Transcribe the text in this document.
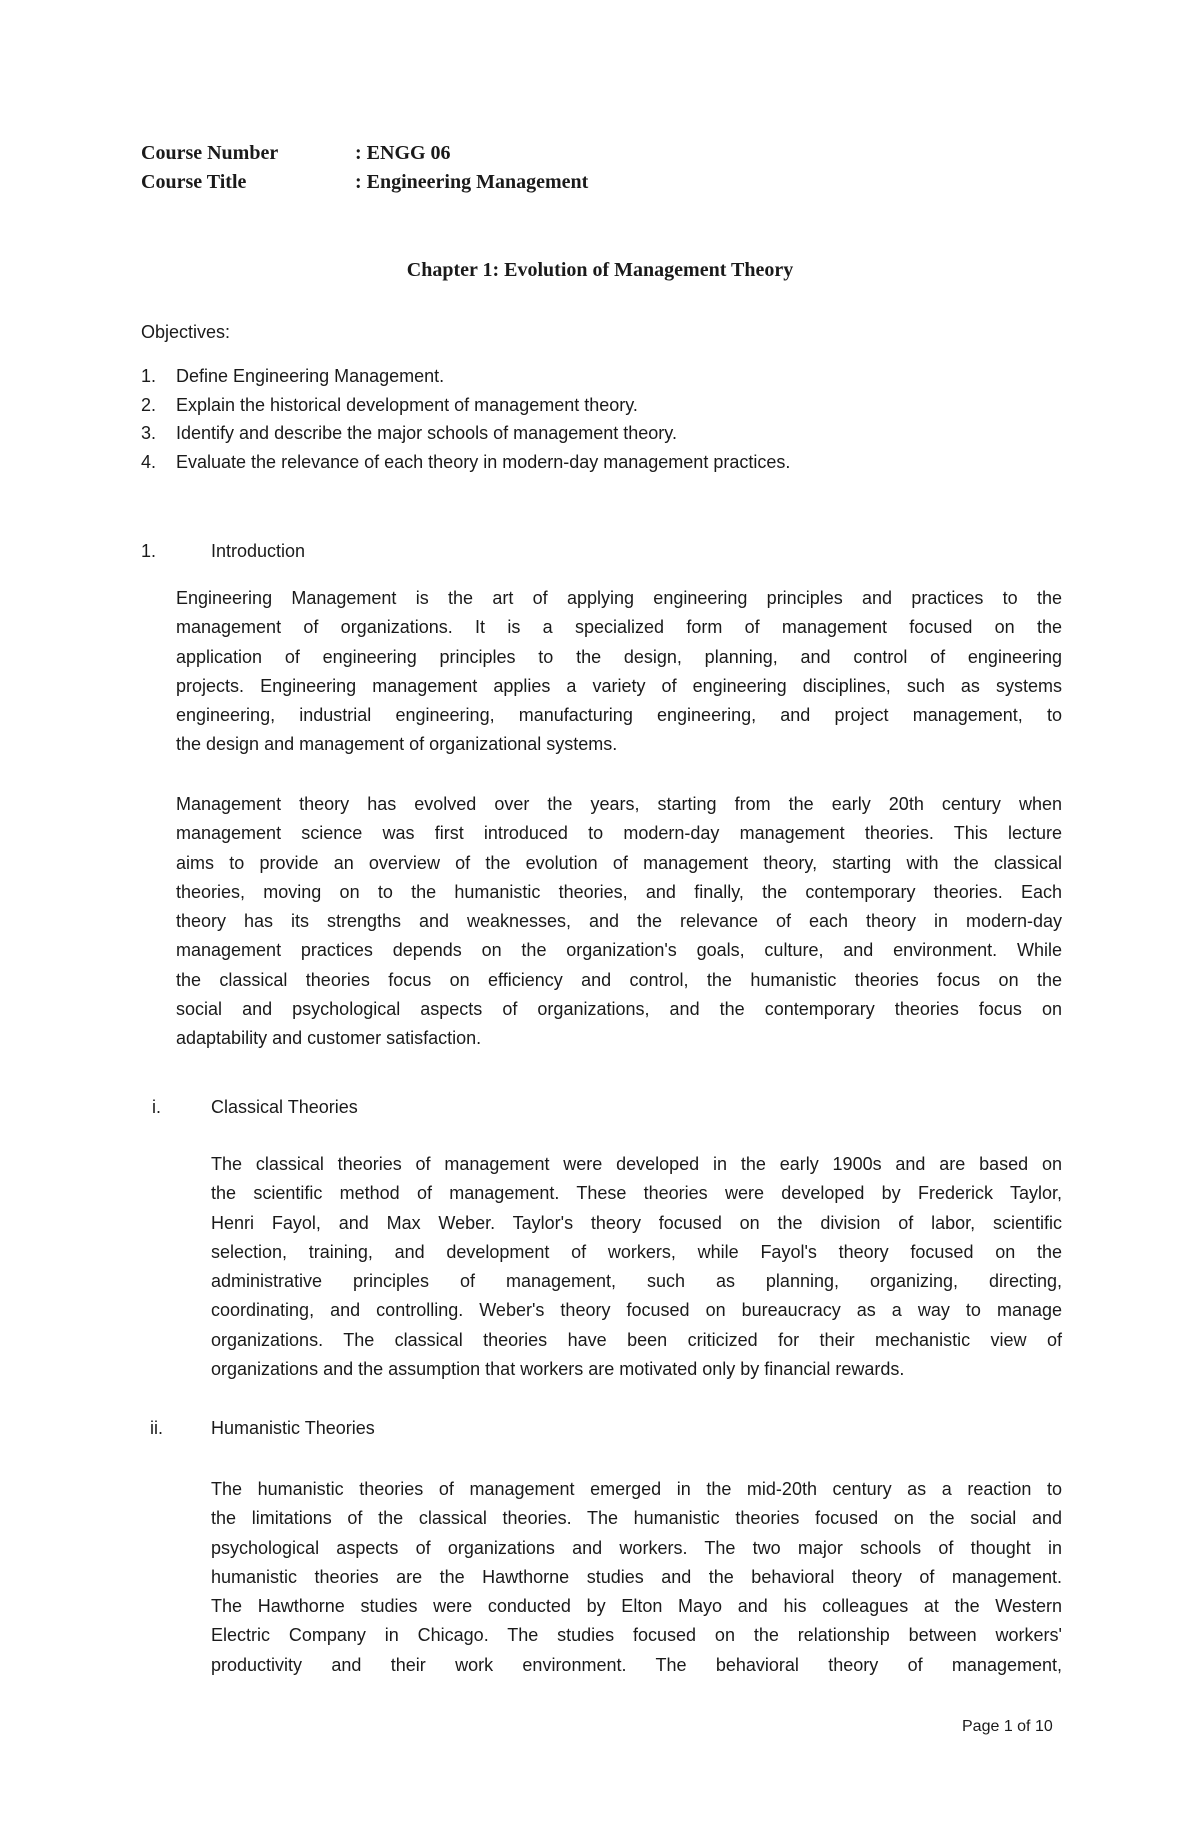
Course Number	: ENGG 06
Course Title	: Engineering Management
Chapter 1: Evolution of Management Theory
Objectives:
1. Define Engineering Management.
2. Explain the historical development of management theory.
3. Identify and describe the major schools of management theory.
4. Evaluate the relevance of each theory in modern-day management practices.
1.	Introduction
Engineering Management is the art of applying engineering principles and practices to the
management of organizations. It is a specialized form of management focused on the
application of engineering principles to the design, planning, and control of engineering
projects. Engineering management applies a variety of engineering disciplines, such as systems
engineering, industrial engineering, manufacturing engineering, and project management, to
the design and management of organizational systems.
Management theory has evolved over the years, starting from the early 20th century when
management science was first introduced to modern-day management theories. This lecture
aims to provide an overview of the evolution of management theory, starting with the classical
theories, moving on to the humanistic theories, and finally, the contemporary theories. Each
theory has its strengths and weaknesses, and the relevance of each theory in modern-day
management practices depends on the organization's goals, culture, and environment. While
the classical theories focus on efficiency and control, the humanistic theories focus on the
social and psychological aspects of organizations, and the contemporary theories focus on
adaptability and customer satisfaction.
i.	Classical Theories
The classical theories of management were developed in the early 1900s and are based on
the scientific method of management. These theories were developed by Frederick Taylor,
Henri Fayol, and Max Weber. Taylor's theory focused on the division of labor, scientific
selection, training, and development of workers, while Fayol's theory focused on the
administrative principles of management, such as planning, organizing, directing,
coordinating, and controlling. Weber's theory focused on bureaucracy as a way to manage
organizations. The classical theories have been criticized for their mechanistic view of
organizations and the assumption that workers are motivated only by financial rewards.
ii.	Humanistic Theories
The humanistic theories of management emerged in the mid-20th century as a reaction to
the limitations of the classical theories. The humanistic theories focused on the social and
psychological aspects of organizations and workers. The two major schools of thought in
humanistic theories are the Hawthorne studies and the behavioral theory of management.
The Hawthorne studies were conducted by Elton Mayo and his colleagues at the Western
Electric Company in Chicago. The studies focused on the relationship between workers'
productivity and their work environment. The behavioral theory of management,
Page 1 of 10
